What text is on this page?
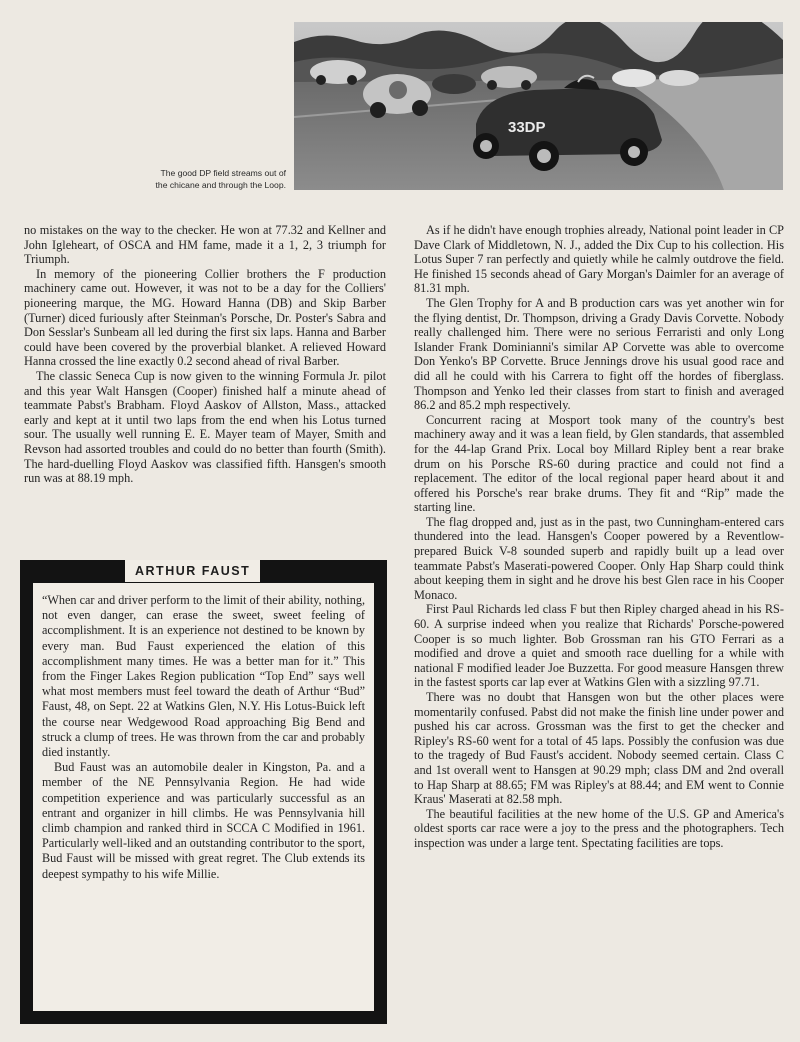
33DP
The good DP field streams out of
the chicane and through the Loop.

no mistakes on the way to the checker. He won at 77.32 and Kellner and John Igleheart, of OSCA and HM fame, made it a 1, 2, 3 triumph for Triumph.

In memory of the pioneering Collier brothers the F production machinery came out. However, it was not to be a day for the Colliers' pioneering marque, the MG. Howard Hanna (DB) and Skip Barber (Turner) diced furiously after Steinman's Porsche, Dr. Poster's Sabra and Don Sesslar's Sunbeam all led during the first six laps. Hanna and Barber could have been covered by the proverbial blanket. A relieved Howard Hanna crossed the line exactly 0.2 second ahead of rival Barber.

The classic Seneca Cup is now given to the winning Formula Jr. pilot and this year Walt Hansgen (Cooper) finished half a minute ahead of teammate Pabst's Brabham. Floyd Aaskov of Allston, Mass., attacked early and kept at it until two laps from the end when his Lotus turned sour. The usually well running E. E. Mayer team of Mayer, Smith and Revson had assorted troubles and could do no better than fourth (Smith). The hard-duelling Floyd Aaskov was classified fifth. Hansgen's smooth run was at 88.19 mph.

ARTHUR FAUST

“When car and driver perform to the limit of their ability, nothing, not even danger, can erase the sweet, sweet feeling of accomplishment. It is an experience not destined to be known by every man. Bud Faust experienced the elation of this accomplishment many times. He was a better man for it.” This from the Finger Lakes Region publication “Top End” says well what most members must feel toward the death of Arthur “Bud” Faust, 48, on Sept. 22 at Watkins Glen, N.Y. His Lotus-Buick left the course near Wedgewood Road approaching Big Bend and struck a clump of trees. He was thrown from the car and probably died instantly.

Bud Faust was an automobile dealer in Kingston, Pa. and a member of the NE Pennsylvania Region. He had wide competition experience and was particularly successful as an entrant and organizer in hill climbs. He was Pennsylvania hill climb champion and ranked third in SCCA C Modified in 1961. Particularly well-liked and an outstanding contributor to the sport, Bud Faust will be missed with great regret. The Club extends its deepest sympathy to his wife Millie.

As if he didn't have enough trophies already, National point leader in CP Dave Clark of Middletown, N. J., added the Dix Cup to his collection. His Lotus Super 7 ran perfectly and quietly while he calmly outdrove the field. He finished 15 seconds ahead of Gary Morgan's Daimler for an average of 81.31 mph.

The Glen Trophy for A and B production cars was yet another win for the flying dentist, Dr. Thompson, driving a Grady Davis Corvette. Nobody really challenged him. There were no serious Ferraristi and only Long Islander Frank Dominianni's similar AP Corvette was able to overcome Don Yenko's BP Corvette. Bruce Jennings drove his usual good race and did all he could with his Carrera to fight off the hordes of fiberglass. Thompson and Yenko led their classes from start to finish and averaged 86.2 and 85.2 mph respectively.

Concurrent racing at Mosport took many of the country's best machinery away and it was a lean field, by Glen standards, that assembled for the 44-lap Grand Prix. Local boy Millard Ripley bent a rear brake drum on his Porsche RS-60 during practice and could not find a replacement. The editor of the local regional paper heard about it and offered his Porsche's rear brake drums. They fit and “Rip” made the starting line.

The flag dropped and, just as in the past, two Cunningham-entered cars thundered into the lead. Hansgen's Cooper powered by a Reventlow-prepared Buick V-8 sounded superb and rapidly built up a lead over teammate Pabst's Maserati-powered Cooper. Only Hap Sharp could think about keeping them in sight and he drove his best Glen race in his Cooper Monaco.

First Paul Richards led class F but then Ripley charged ahead in his RS-60. A surprise indeed when you realize that Richards' Porsche-powered Cooper is so much lighter. Bob Grossman ran his GTO Ferrari as a modified and drove a quiet and smooth race duelling for a while with national F modified leader Joe Buzzetta. For good measure Hansgen threw in the fastest sports car lap ever at Watkins Glen with a sizzling 97.71.

There was no doubt that Hansgen won but the other places were momentarily confused. Pabst did not make the finish line under power and pushed his car across. Grossman was the first to get the checker and Ripley's RS-60 went for a total of 45 laps. Possibly the confusion was due to the tragedy of Bud Faust's accident. Nobody seemed certain. Class C and 1st overall went to Hansgen at 90.29 mph; class DM and 2nd overall to Hap Sharp at 88.65; FM was Ripley's at 88.44; and EM went to Connie Kraus' Maserati at 82.58 mph.

The beautiful facilities at the new home of the U.S. GP and America's oldest sports car race were a joy to the press and the photographers. Tech inspection was under a large tent. Spectating facilities are tops.
